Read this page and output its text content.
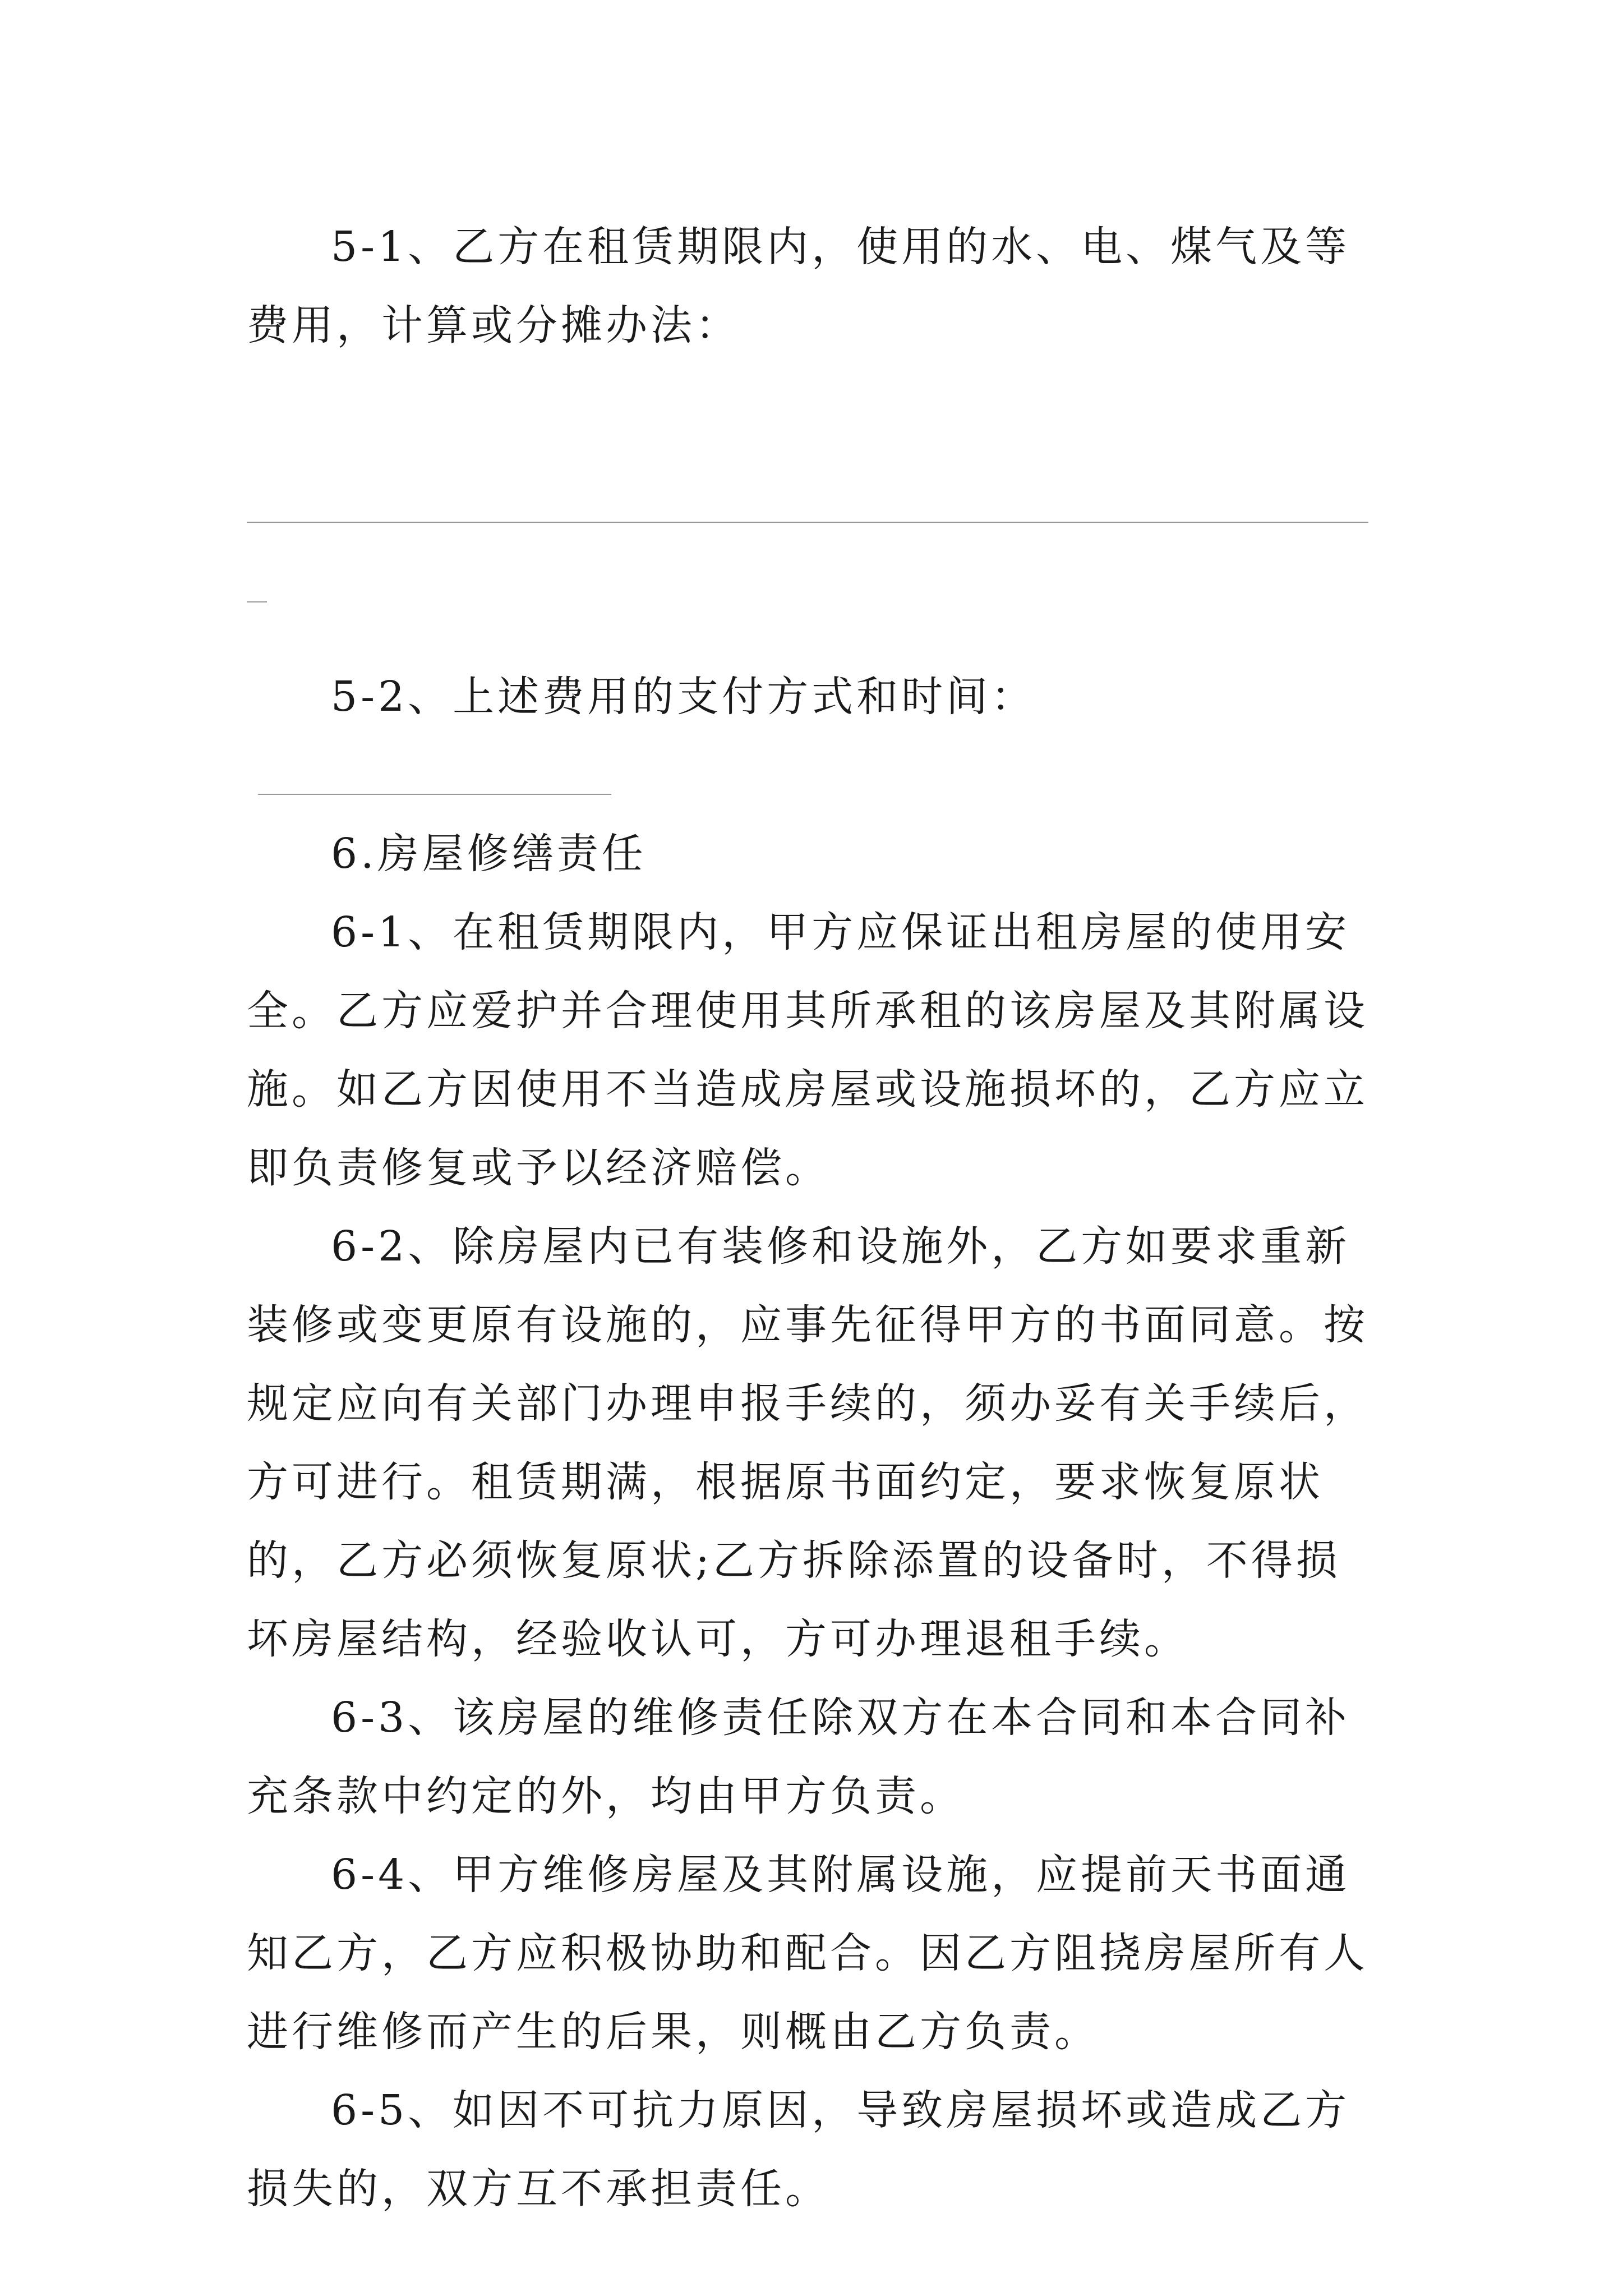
5-1、乙方在租赁期限内，使用的水、电、煤气及等费用，计算或分摊办法：

5-2、上述费用的支付方式和时间：

6.房屋修缮责任

6-1、在租赁期限内，甲方应保证出租房屋的使用安全。乙方应爱护并合理使用其所承租的该房屋及其附属设施。如乙方因使用不当造成房屋或设施损坏的，乙方应立即负责修复或予以经济赔偿。

6-2、除房屋内已有装修和设施外，乙方如要求重新装修或变更原有设施的，应事先征得甲方的书面同意。按规定应向有关部门办理申报手续的，须办妥有关手续后，方可进行。租赁期满，根据原书面约定，要求恢复原状的，乙方必须恢复原状;乙方拆除添置的设备时，不得损坏房屋结构，经验收认可，方可办理退租手续。

6-3、该房屋的维修责任除双方在本合同和本合同补充条款中约定的外，均由甲方负责。

6-4、甲方维修房屋及其附属设施，应提前天书面通知乙方，乙方应积极协助和配合。因乙方阻挠房屋所有人进行维修而产生的后果，则概由乙方负责。

6-5、如因不可抗力原因，导致房屋损坏或造成乙方损失的，双方互不承担责任。
